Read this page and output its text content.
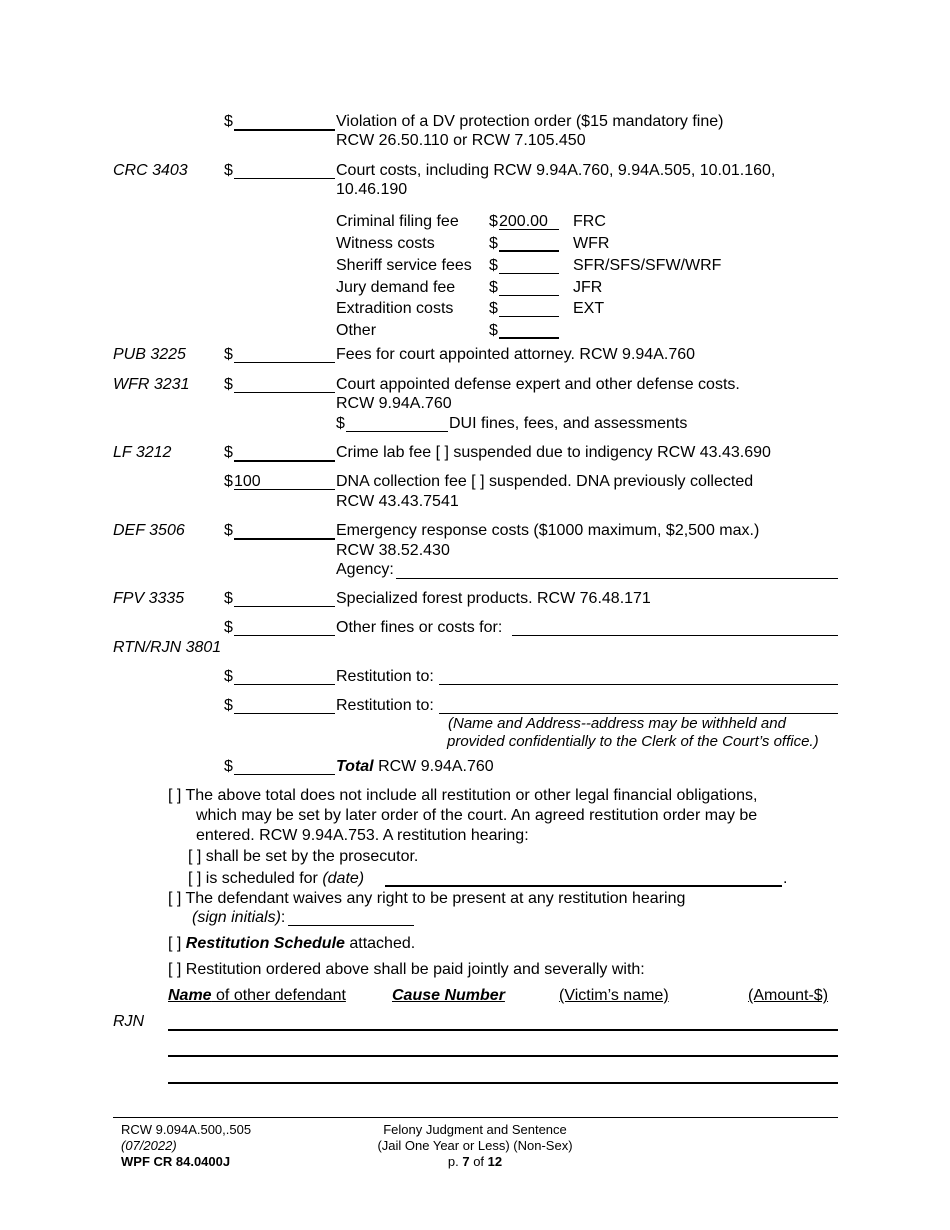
$	Violation of a DV protection order ($15 mandatory fine)
RCW 26.50.110 or RCW 7.105.450
CRC 3403 $	Court costs, including RCW 9.94A.760, 9.94A.505, 10.01.160,
10.46.190
Criminal filing fee $ 200.00 FRC
Witness costs	$	WFR
Sheriff service fees $	SFR/SFS/SFW/WRF
Jury demand fee $	JFR
Extradition costs $	EXT
Other	$
PUB 3225 $	Fees for court appointed attorney. RCW 9.94A.760
WFR 3231 $	Court appointed defense expert and other defense costs.
RCW 9.94A.760
$	DUI fines, fees, and assessments
LF 3212	$	Crime lab fee [ ] suspended due to indigency RCW 43.43.690
$ 100	DNA collection fee [ ] suspended. DNA previously collected
RCW 43.43.7541
DEF 3506 $	Emergency response costs ($1000 maximum, $2,500 max.)
RCW 38.52.430
Agency:
FPV 3335 $	Specialized forest products. RCW 76.48.171
$	Other fines or costs for:
RTN/RJN 3801
$	Restitution to:
$	Restitution to:
(Name and Address--address may be withheld and
provided confidentially to the Clerk of the Court’s office.)
$	Total RCW 9.94A.760
[ ] The above total does not include all restitution or other legal financial obligations,
which may be set by later order of the court. An agreed restitution order may be
entered. RCW 9.94A.753. A restitution hearing:
[ ] shall be set by the prosecutor.
[ ] is scheduled for (date)	.
[ ] The defendant waives any right to be present at any restitution hearing
(sign initials):
[ ] Restitution Schedule attached.
[ ] Restitution ordered above shall be paid jointly and severally with:
Name of other defendant	Cause Number	(Victim’s name)	(Amount-$)
RJN
RCW 9.094A.500,.505
(07/2022)
WPF CR 84.0400J
Felony Judgment and Sentence
(Jail One Year or Less) (Non-Sex)
p. 7 of 12
